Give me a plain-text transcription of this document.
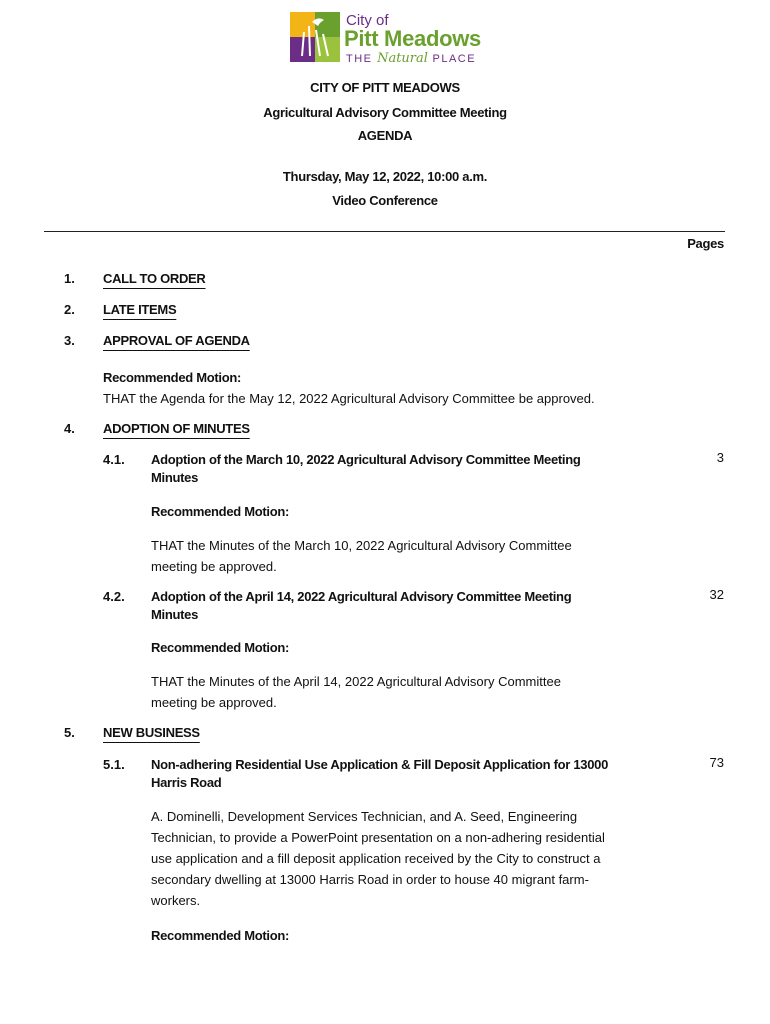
City of
Pitt Meadows
THE Natural PLACE
CITY OF PITT MEADOWS
Agricultural Advisory Committee Meeting
AGENDA
Thursday, May 12, 2022, 10:00 a.m.
Video Conference
Pages
1. CALL TO ORDER
2. LATE ITEMS
3. APPROVAL OF AGENDA
Recommended Motion:
THAT the Agenda for the May 12, 2022 Agricultural Advisory Committee be approved.
4. ADOPTION OF MINUTES
4.1. Adoption of the March 10, 2022 Agricultural Advisory Committee Meeting
Minutes
3
Recommended Motion:
THAT the Minutes of the March 10, 2022 Agricultural Advisory Committee
meeting be approved.
4.2. Adoption of the April 14, 2022 Agricultural Advisory Committee Meeting
Minutes
32
Recommended Motion:
THAT the Minutes of the April 14, 2022 Agricultural Advisory Committee
meeting be approved.
5. NEW BUSINESS
5.1. Non-adhering Residential Use Application & Fill Deposit Application for 13000
Harris Road
73
A. Dominelli, Development Services Technician, and A. Seed, Engineering
Technician, to provide a PowerPoint presentation on a non-adhering residential
use application and a fill deposit application received by the City to construct a
secondary dwelling at 13000 Harris Road in order to house 40 migrant farm-
workers.
Recommended Motion:
